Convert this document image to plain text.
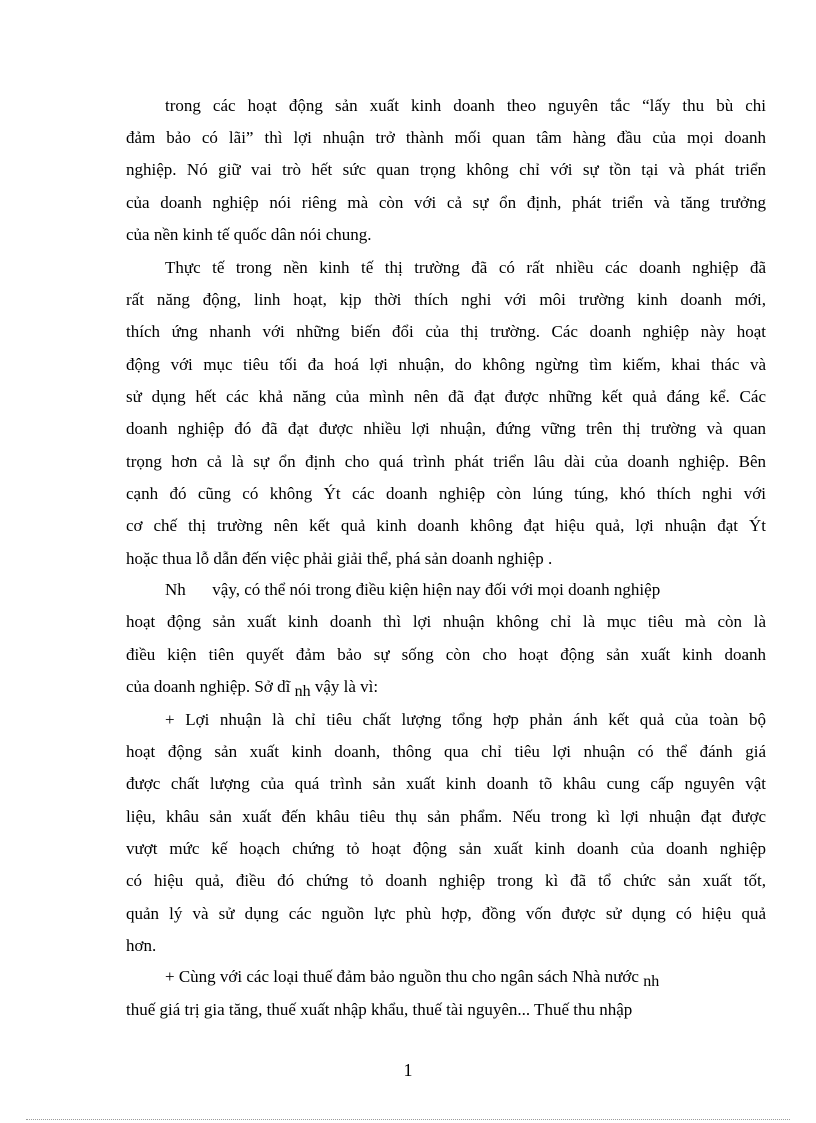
trong các hoạt động sản xuất kinh doanh theo nguyên tắc “lấy thu bù chi
đảm bảo có lãi” thì lợi nhuận trở thành mối quan tâm hàng đầu của mọi doanh
nghiệp. Nó giữ vai trò hết sức quan trọng không chỉ với sự tồn tại và phát triển
của doanh nghiệp nói riêng mà còn với cả sự ổn định, phát triển và tăng trưởng
của nền kinh tế quốc dân nói chung.
Thực tế trong nền kinh tế thị trường đã có rất nhiều các doanh nghiệp đã
rất năng động, linh hoạt, kịp thời thích nghi với môi trường kinh doanh mới,
thích ứng nhanh với những biến đổi của thị trường. Các doanh nghiệp này hoạt
động với mục tiêu tối đa hoá lợi nhuận, do không ngừng tìm kiếm, khai thác và
sử dụng hết các khả năng của mình nên đã đạt được những kết quả đáng kể. Các
doanh nghiệp đó đã đạt được nhiều lợi nhuận, đứng vững trên thị trường và quan
trọng hơn cả là sự ổn định cho quá trình phát triển lâu dài của doanh nghiệp. Bên
cạnh đó cũng có không Ýt các doanh nghiệp còn lúng túng, khó thích nghi với
cơ chế thị trường nên kết quả kinh doanh không đạt hiệu quả, lợi nhuận đạt Ýt
hoặc thua lỗ dẫn đến việc phải giải thể, phá sản doanh nghiệp .
Nh vậy, có thể nói trong điều kiện hiện nay đối với mọi doanh nghiệp
hoạt động sản xuất kinh doanh thì lợi nhuận không chỉ là mục tiêu mà còn là
điều kiện tiên quyết đảm bảo sự sống còn cho hoạt động sản xuất kinh doanh
của doanh nghiệp. Sở dĩ nh vậy là vì:
+ Lợi nhuận là chỉ tiêu chất lượng tổng hợp phản ánh kết quả của toàn bộ
hoạt động sản xuất kinh doanh, thông qua chỉ tiêu lợi nhuận có thể đánh giá
được chất lượng của quá trình sản xuất kinh doanh tõ khâu cung cấp nguyên vật
liệu, khâu sản xuất đến khâu tiêu thụ sản phẩm. Nếu trong kì lợi nhuận đạt được
vượt mức kế hoạch chứng tỏ hoạt động sản xuất kinh doanh của doanh nghiệp
có hiệu quả, điều đó chứng tỏ doanh nghiệp trong kì đã tổ chức sản xuất tốt,
quản lý và sử dụng các nguồn lực phù hợp, đồng vốn được sử dụng có hiệu quả
hơn.
+ Cùng với các loại thuế đảm bảo nguồn thu cho ngân sách Nhà nước nh
thuế giá trị gia tăng, thuế xuất nhập khẩu, thuế tài nguyên... Thuế thu nhập
1
